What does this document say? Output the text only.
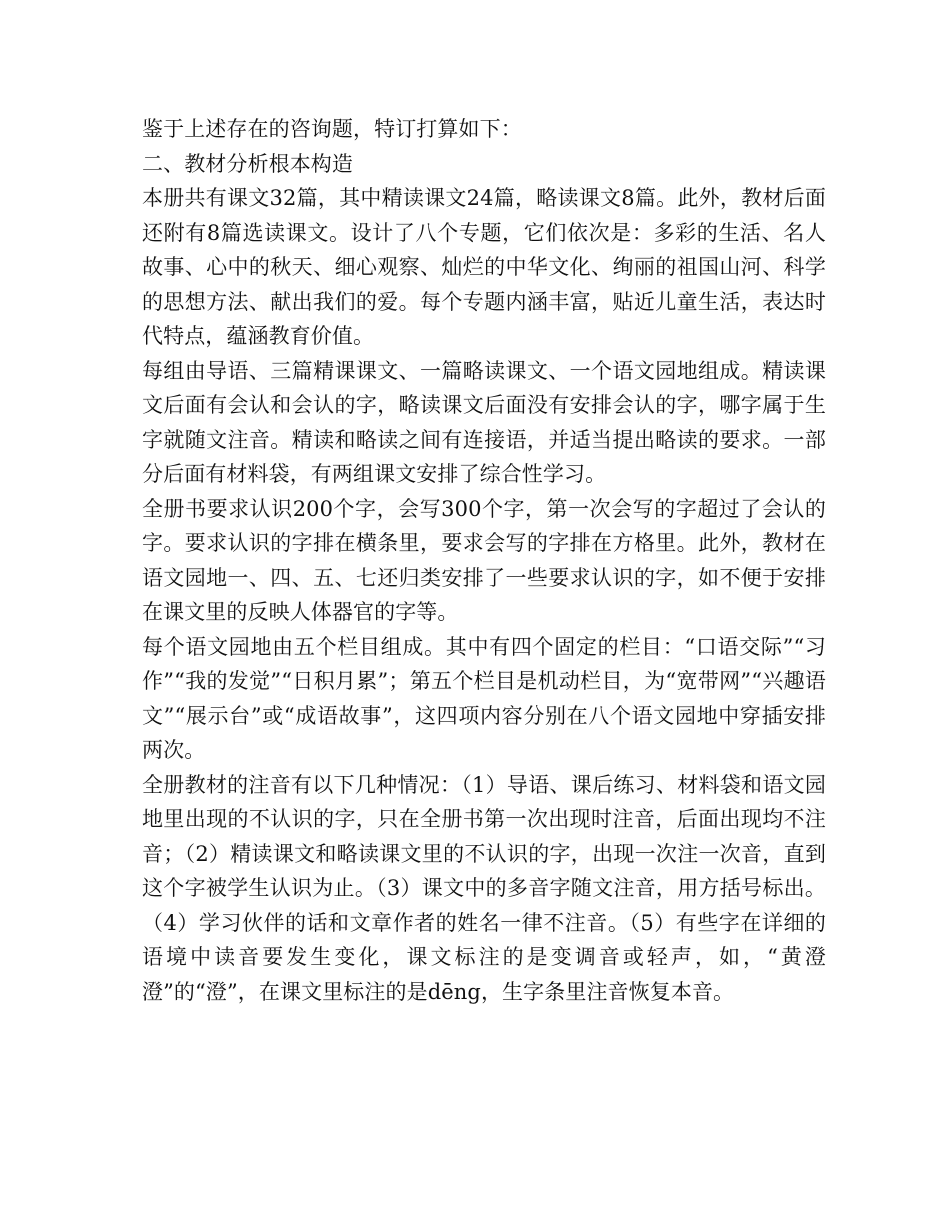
鉴于上述存在的咨询题，特订打算如下：

二、教材分析根本构造

本册共有课文32篇，其中精读课文24篇，略读课文8篇。此外，教材后面还附有8篇选读课文。设计了八个专题，它们依次是：多彩的生活、名人故事、心中的秋天、细心观察、灿烂的中华文化、绚丽的祖国山河、科学的思想方法、献出我们的爱。每个专题内涵丰富，贴近儿童生活，表达时代特点，蕴涵教育价值。

每组由导语、三篇精课课文、一篇略读课文、一个语文园地组成。精读课文后面有会认和会认的字，略读课文后面没有安排会认的字，哪字属于生字就随文注音。精读和略读之间有连接语，并适当提出略读的要求。一部分后面有材料袋，有两组课文安排了综合性学习。

全册书要求认识200个字，会写300个字，第一次会写的字超过了会认的字。要求认识的字排在横条里，要求会写的字排在方格里。此外，教材在语文园地一、四、五、七还归类安排了一些要求认识的字，如不便于安排在课文里的反映人体器官的字等。

每个语文园地由五个栏目组成。其中有四个固定的栏目：“口语交际”“习作”“我的发觉”“日积月累”；第五个栏目是机动栏目，为“宽带网”“兴趣语文”“展示台”或“成语故事”，这四项内容分别在八个语文园地中穿插安排两次。

全册教材的注音有以下几种情况：（1）导语、课后练习、材料袋和语文园地里出现的不认识的字，只在全册书第一次出现时注音，后面出现均不注音；（2）精读课文和略读课文里的不认识的字，出现一次注一次音，直到这个字被学生认识为止。（3）课文中的多音字随文注音，用方括号标出。（4）学习伙伴的话和文章作者的姓名一律不注音。（5）有些字在详细的语境中读音要发生变化，课文标注的是变调音或轻声，如，“黄澄澄”的“澄”，在课文里标注的是dēng，生字条里注音恢复本音。
